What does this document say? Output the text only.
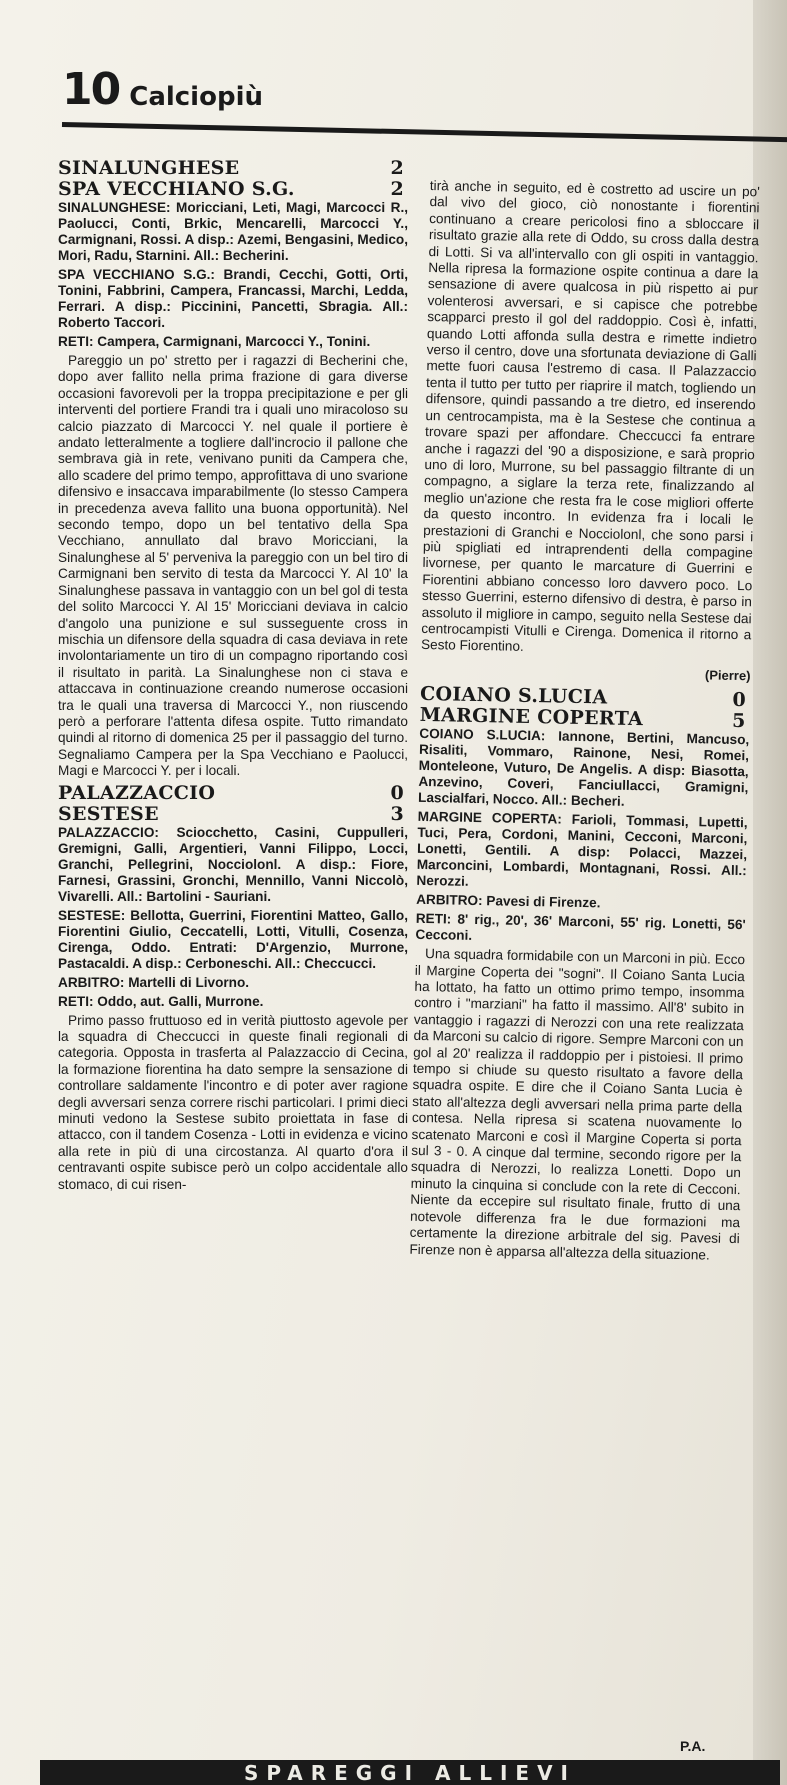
10 Calciopiù
SINALUNGHESE	2
SPA VECCHIANO S.G.	2

SINALUNGHESE: Moricciani, Leti, Magi, Marcocci R., Paolucci, Conti, Brkic, Mencarelli, Marcocci Y., Carmignani, Rossi. A disp.: Azemi, Bengasini, Medico, Mori, Radu, Starnini. All.: Becherini.

SPA VECCHIANO S.G.: Brandi, Cecchi, Gotti, Orti, Tonini, Fabbrini, Campera, Francassi, Marchi, Ledda, Ferrari. A disp.: Piccinini, Pancetti, Sbragia. All.: Roberto Taccori.

RETI: Campera, Carmignani, Marcocci Y., Tonini.

Pareggio un po' stretto per i ragazzi di Becherini che, dopo aver fallito nella prima frazione di gara diverse occasioni favorevoli per la troppa precipitazione e per gli interventi del portiere Frandi tra i quali uno miracoloso su calcio piazzato di Marcocci Y. nel quale il portiere è andato letteralmente a togliere dall'incrocio il pallone che sembrava già in rete, venivano puniti da Campera che, allo scadere del primo tempo, approfittava di uno svarione difensivo e insaccava imparabilmente (lo stesso Campera in precedenza aveva fallito una buona opportunità). Nel secondo tempo, dopo un bel tentativo della Spa Vecchiano, annullato dal bravo Moricciani, la Sinalunghese al 5' perveniva la pareggio con un bel tiro di Carmignani ben servito di testa da Marcocci Y. Al 10' la Sinalunghese passava in vantaggio con un bel gol di testa del solito Marcocci Y. Al 15' Moricciani deviava in calcio d'angolo una punizione e sul susseguente cross in mischia un difensore della squadra di casa deviava in rete involontariamente un tiro di un compagno riportando così il risultato in parità. La Sinalunghese non ci stava e attaccava in continuazione creando numerose occasioni tra le quali una traversa di Marcocci Y., non riuscendo però a perforare l'attenta difesa ospite. Tutto rimandato quindi al ritorno di domenica 25 per il passaggio del turno. Segnaliamo Campera per la Spa Vecchiano e Paolucci, Magi e Marcocci Y. per i locali.

PALAZZACCIO	0
SESTESE	3

PALAZZACCIO: Sciocchetto, Casini, Cuppulleri, Gremigni, Galli, Argentieri, Vanni Filippo, Locci, Granchi, Pellegrini, Nocciolonl. A disp.: Fiore, Farnesi, Grassini, Gronchi, Mennillo, Vanni Niccolò, Vivarelli. All.: Bartolini - Sauriani.

SESTESE: Bellotta, Guerrini, Fiorentini Matteo, Gallo, Fiorentini Giulio, Ceccatelli, Lotti, Vitulli, Cosenza, Cirenga, Oddo. Entrati: D'Argenzio, Murrone, Pastacaldi. A disp.: Cerboneschi. All.: Checcucci.

ARBITRO: Martelli di Livorno.

RETI: Oddo, aut. Galli, Murrone.

Primo passo fruttuoso ed in verità piuttosto agevole per la squadra di Checcucci in queste finali regionali di categoria. Opposta in trasferta al Palazzaccio di Cecina, la formazione fiorentina ha dato sempre la sensazione di controllare saldamente l'incontro e di poter aver ragione degli avversari senza correre rischi particolari. I primi dieci minuti vedono la Sestese subito proiettata in fase di attacco, con il tandem Cosenza - Lotti in evidenza e vicino alla rete in più di una circostanza. Al quarto d'ora il centravanti ospite subisce però un colpo accidentale allo stomaco, di cui risen-

tirà anche in seguito, ed è costretto ad uscire un po' dal vivo del gioco, ciò nonostante i fiorentini continuano a creare pericolosi fino a sbloccare il risultato grazie alla rete di Oddo, su cross dalla destra di Lotti. Si va all'intervallo con gli ospiti in vantaggio. Nella ripresa la formazione ospite continua a dare la sensazione di avere qualcosa in più rispetto ai pur volenterosi avversari, e si capisce che potrebbe scapparci presto il gol del raddoppio. Così è, infatti, quando Lotti affonda sulla destra e rimette indietro verso il centro, dove una sfortunata deviazione di Galli mette fuori causa l'estremo di casa. Il Palazzaccio tenta il tutto per tutto per riaprire il match, togliendo un difensore, quindi passando a tre dietro, ed inserendo un centrocampista, ma è la Sestese che continua a trovare spazi per affondare. Checcucci fa entrare anche i ragazzi del '90 a disposizione, e sarà proprio uno di loro, Murrone, su bel passaggio filtrante di un compagno, a siglare la terza rete, finalizzando al meglio un'azione che resta fra le cose migliori offerte da questo incontro. In evidenza fra i locali le prestazioni di Granchi e Nocciolonl, che sono parsi i più spigliati ed intraprendenti della compagine livornese, per quanto le marcature di Guerrini e Fiorentini abbiano concesso loro davvero poco. Lo stesso Guerrini, esterno difensivo di destra, è parso in assoluto il migliore in campo, seguito nella Sestese dai centrocampisti Vitulli e Cirenga. Domenica il ritorno a Sesto Fiorentino.

(Pierre)
COIANO S.LUCIA	0
MARGINE COPERTA	5

COIANO S.LUCIA: Iannone, Bertini, Mancuso, Risaliti, Vommaro, Rainone, Nesi, Romei, Monteleone, Vuturo, De Angelis. A disp: Biasotta, Anzevino, Coveri, Fanciullacci, Gramigni, Lascialfari, Nocco. All.: Becheri.

MARGINE COPERTA: Farioli, Tommasi, Lupetti, Tuci, Pera, Cordoni, Manini, Cecconi, Marconi, Lonetti, Gentili. A disp: Polacci, Mazzei, Marconcini, Lombardi, Montagnani, Rossi. All.: Nerozzi.

ARBITRO: Pavesi di Firenze.

RETI: 8' rig., 20', 36' Marconi, 55' rig. Lonetti, 56' Cecconi.

Una squadra formidabile con un Marconi in più. Ecco il Margine Coperta dei "sogni". Il Coiano Santa Lucia ha lottato, ha fatto un ottimo primo tempo, insomma contro i "marziani" ha fatto il massimo. All'8' subito in vantaggio i ragazzi di Nerozzi con una rete realizzata da Marconi su calcio di rigore. Sempre Marconi con un gol al 20' realizza il raddoppio per i pistoiesi. Il primo tempo si chiude su questo risultato a favore della squadra ospite. E dire che il Coiano Santa Lucia è stato all'altezza degli avversari nella prima parte della contesa. Nella ripresa si scatena nuovamente lo scatenato Marconi e così il Margine Coperta si porta sul 3 - 0. A cinque dal termine, secondo rigore per la squadra di Nerozzi, lo realizza Lonetti. Dopo un minuto la cinquina si conclude con la rete di Cecconi. Niente da eccepire sul risultato finale, frutto di una notevole differenza fra le due formazioni ma certamente la direzione arbitrale del sig. Pavesi di Firenze non è apparsa all'altezza della situazione.

P.A.
SPAREGGI ALLIEVI
